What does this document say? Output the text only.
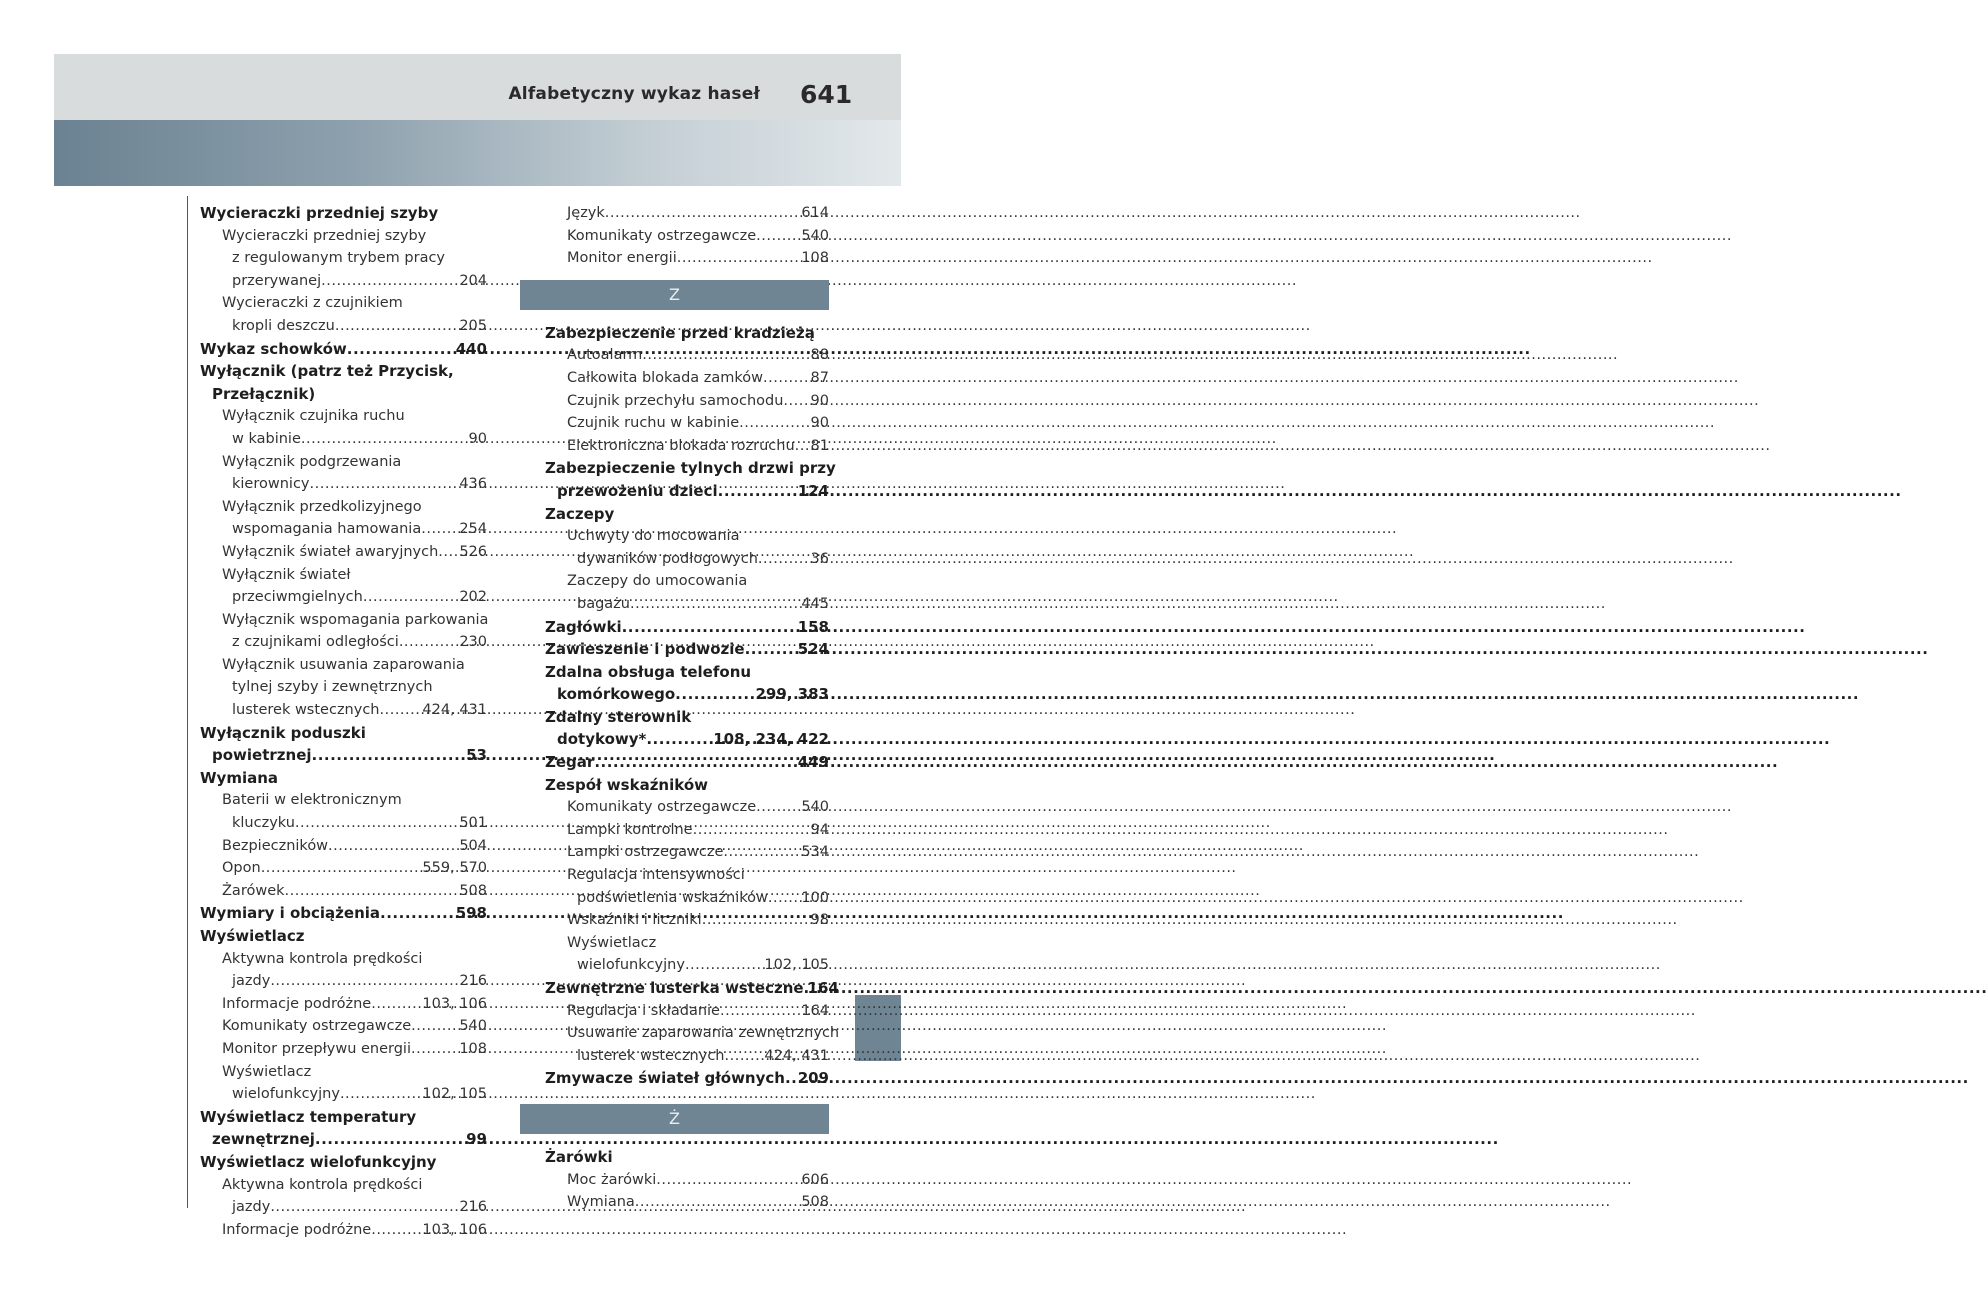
Alfabetyczny wykaz haseł 641
Wycieraczki przedniej szyby
Wycieraczki przedniej szyby
z regulowanym trybem pracy
przerywanej .....	204
Wycieraczki z czujnikiem
kropli deszczu .....	205
Wykaz schowków .....	440
Wyłącznik (patrz też Przycisk,
Przełącznik)
Wyłącznik czujnika ruchu
w kabinie .....	90
Wyłącznik podgrzewania
kierownicy .....	436
Wyłącznik przedkolizyjnego
wspomagania hamowania .....	254
Wyłącznik świateł awaryjnych ..... 526
Wyłącznik świateł
przeciwmgielnych .....	202
Wyłącznik wspomagania parkowania
z czujnikami odległości .....	230
Wyłącznik usuwania zaparowania
tylnej szyby i zewnętrznych
lusterek wstecznych .....	424, 431
Wyłącznik poduszki
powietrznej .....	53
Wymiana
Baterii w elektronicznym
kluczyku .....	501
Bezpieczników .....	504
Opon .....	559, 570
Żarówek .....	508
Wymiary i obciążenia .....	598
Wyświetlacz
Aktywna kontrola prędkości
jazdy .....	216
Informacje podróżne .....	103, 106
Komunikaty ostrzegawcze .....	540
Monitor przepływu energii .....	108
Wyświetlacz
wielofunkcyjny .....	102, 105
Wyświetlacz temperatury
zewnętrznej .....	99
Wyświetlacz wielofunkcyjny
Aktywna kontrola prędkości
jazdy .....	216
Informacje podróżne .....	103, 106
Język .....	614
Komunikaty ostrzegawcze .....	540
Monitor energii .....	108
Z
Zabezpieczenie przed kradzieżą
Autoalarm .....	88
Całkowita blokada zamków .....	87
Czujnik przechyłu samochodu ..... 90
Czujnik ruchu w kabinie .....	90
Elektroniczna blokada rozruchu ..... 81
Zabezpieczenie tylnych drzwi przy
przewożeniu dzieci .....	124
Zaczepy
Uchwyty do mocowania
dywaników podłogowych .....	36
Zaczepy do umocowania
bagażu .....	445
Zagłówki .....	158
Zawieszenie i podwozie .....	524
Zdalna obsługa telefonu
komórkowego .....	299, 383
Zdalny sterownik
dotykowy* .....	108, 234, 422
Zegar .....	449
Zespół wskaźników
Komunikaty ostrzegawcze .....	540
Lampki kontrolne .....	94
Lampki ostrzegawcze .....	534
Regulacja intensywności
podświetlenia wskaźników ..... 100
Wskaźniki i liczniki .....	98
Wyświetlacz
wielofunkcyjny .....	102, 105
Zewnętrzne lusterka wsteczne ..... 164
Regulacja i składanie .....	164
Usuwanie zaparowania zewnętrznych
lusterek wstecznych .....	424, 431
Zmywacze świateł głównych ..... 209
Ż
Żarówki
Moc żarówki .....	606
Wymiana .....	508
